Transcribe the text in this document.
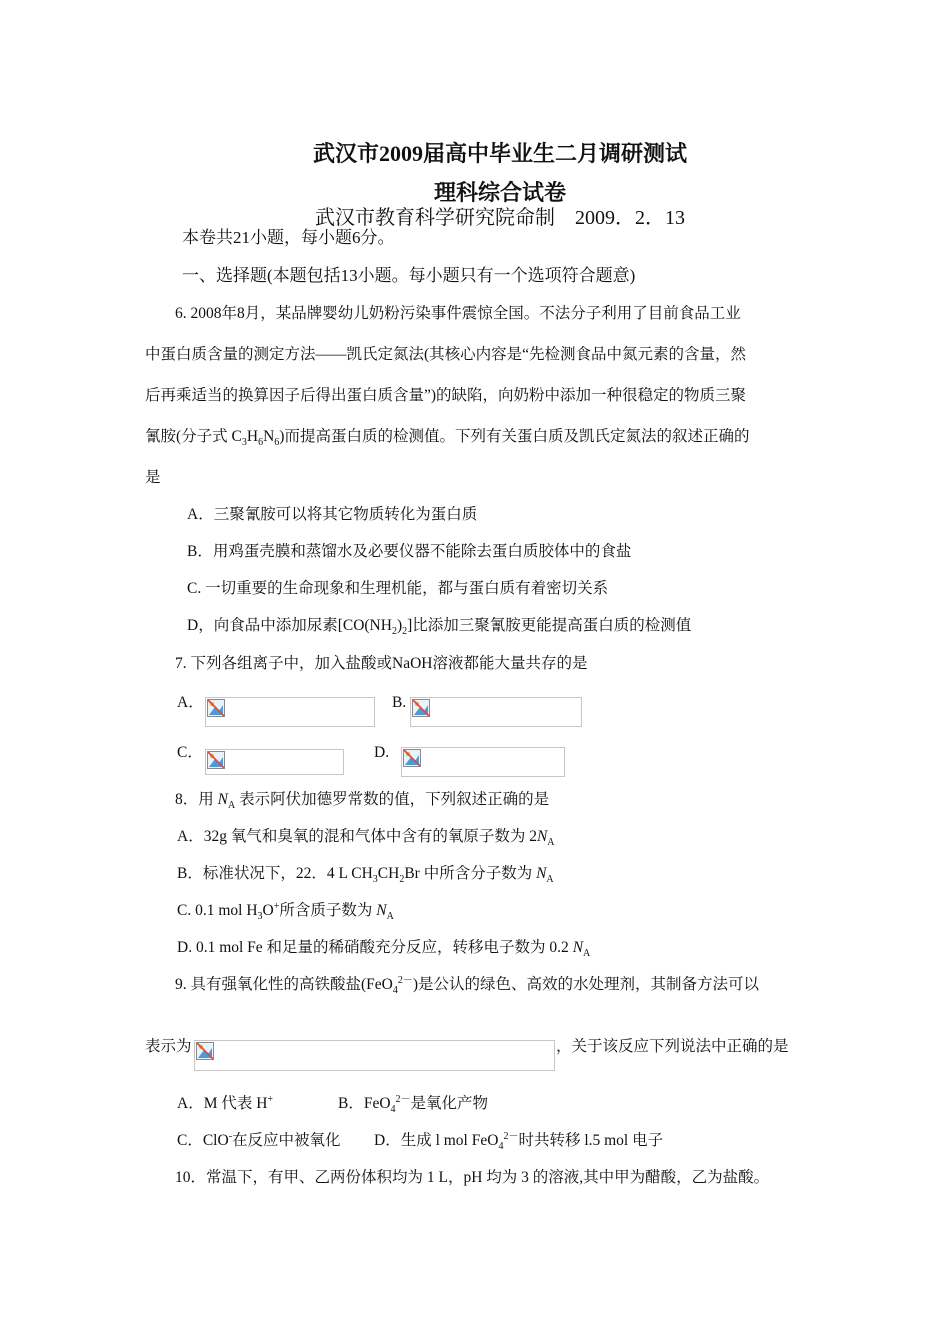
武汉市2009届高中毕业生二月调研测试
理科综合试卷
武汉市教育科学研究院命制　2009．2．13
本卷共21小题，每小题6分。
一、选择题(本题包括13小题。每小题只有一个选项符合题意)
6. 2008年8月，某品牌婴幼儿奶粉污染事件震惊全国。不法分子利用了目前食品工业
中蛋白质含量的测定方法——凯氏定氮法(其核心内容是“先检测食品中氮元素的含量，然
后再乘适当的换算因子后得出蛋白质含量”)的缺陷，向奶粉中添加一种很稳定的物质三聚
氰胺(分子式 $C_3H_6N_6$)而提高蛋白质的检测值。下列有关蛋白质及凯氏定氮法的叙述正确的
是
A．三聚氰胺可以将其它物质转化为蛋白质
B．用鸡蛋壳膜和蒸馏水及必要仪器不能除去蛋白质胶体中的食盐
C. 一切重要的生命现象和生理机能，都与蛋白质有着密切关系
D，向食品中添加尿素$[CO(NH_2)_2]$比添加三聚氰胺更能提高蛋白质的检测值
7. 下列各组离子中，加入盐酸或NaOH溶液都能大量共存的是
A．	B.
C．	D.
8．用 $N_A$ 表示阿伏加德罗常数的值，下列叙述正确的是
A．32g 氧气和臭氧的混和气体中含有的氧原子数为 $2N_A$
B．标准状况下，22．4 L $CH_3CH_2Br$ 中所含分子数为 $N_A$
C. 0.1 mol $H_3O^+$所含质子数为 $N_A$
D. 0.1 mol Fe 和足量的稀硝酸充分反应，转移电子数为 0.2 $N_A$
9. 具有强氧化性的高铁酸盐(FeO$_4^{2-}$)是公认的绿色、高效的水处理剂，其制备方法可以
表示为	，关于该反应下列说法中正确的是
A．M 代表 H+	B．FeO$_4^{2-}$是氧化产物
C．ClO-在反应中被氧化 D．生成 l mol FeO$_4^{2-}$时共转移 l.5 mol 电子
10．常温下，有甲、乙两份体积均为 1 L，pH 均为 3 的溶液,其中甲为醋酸，乙为盐酸。
